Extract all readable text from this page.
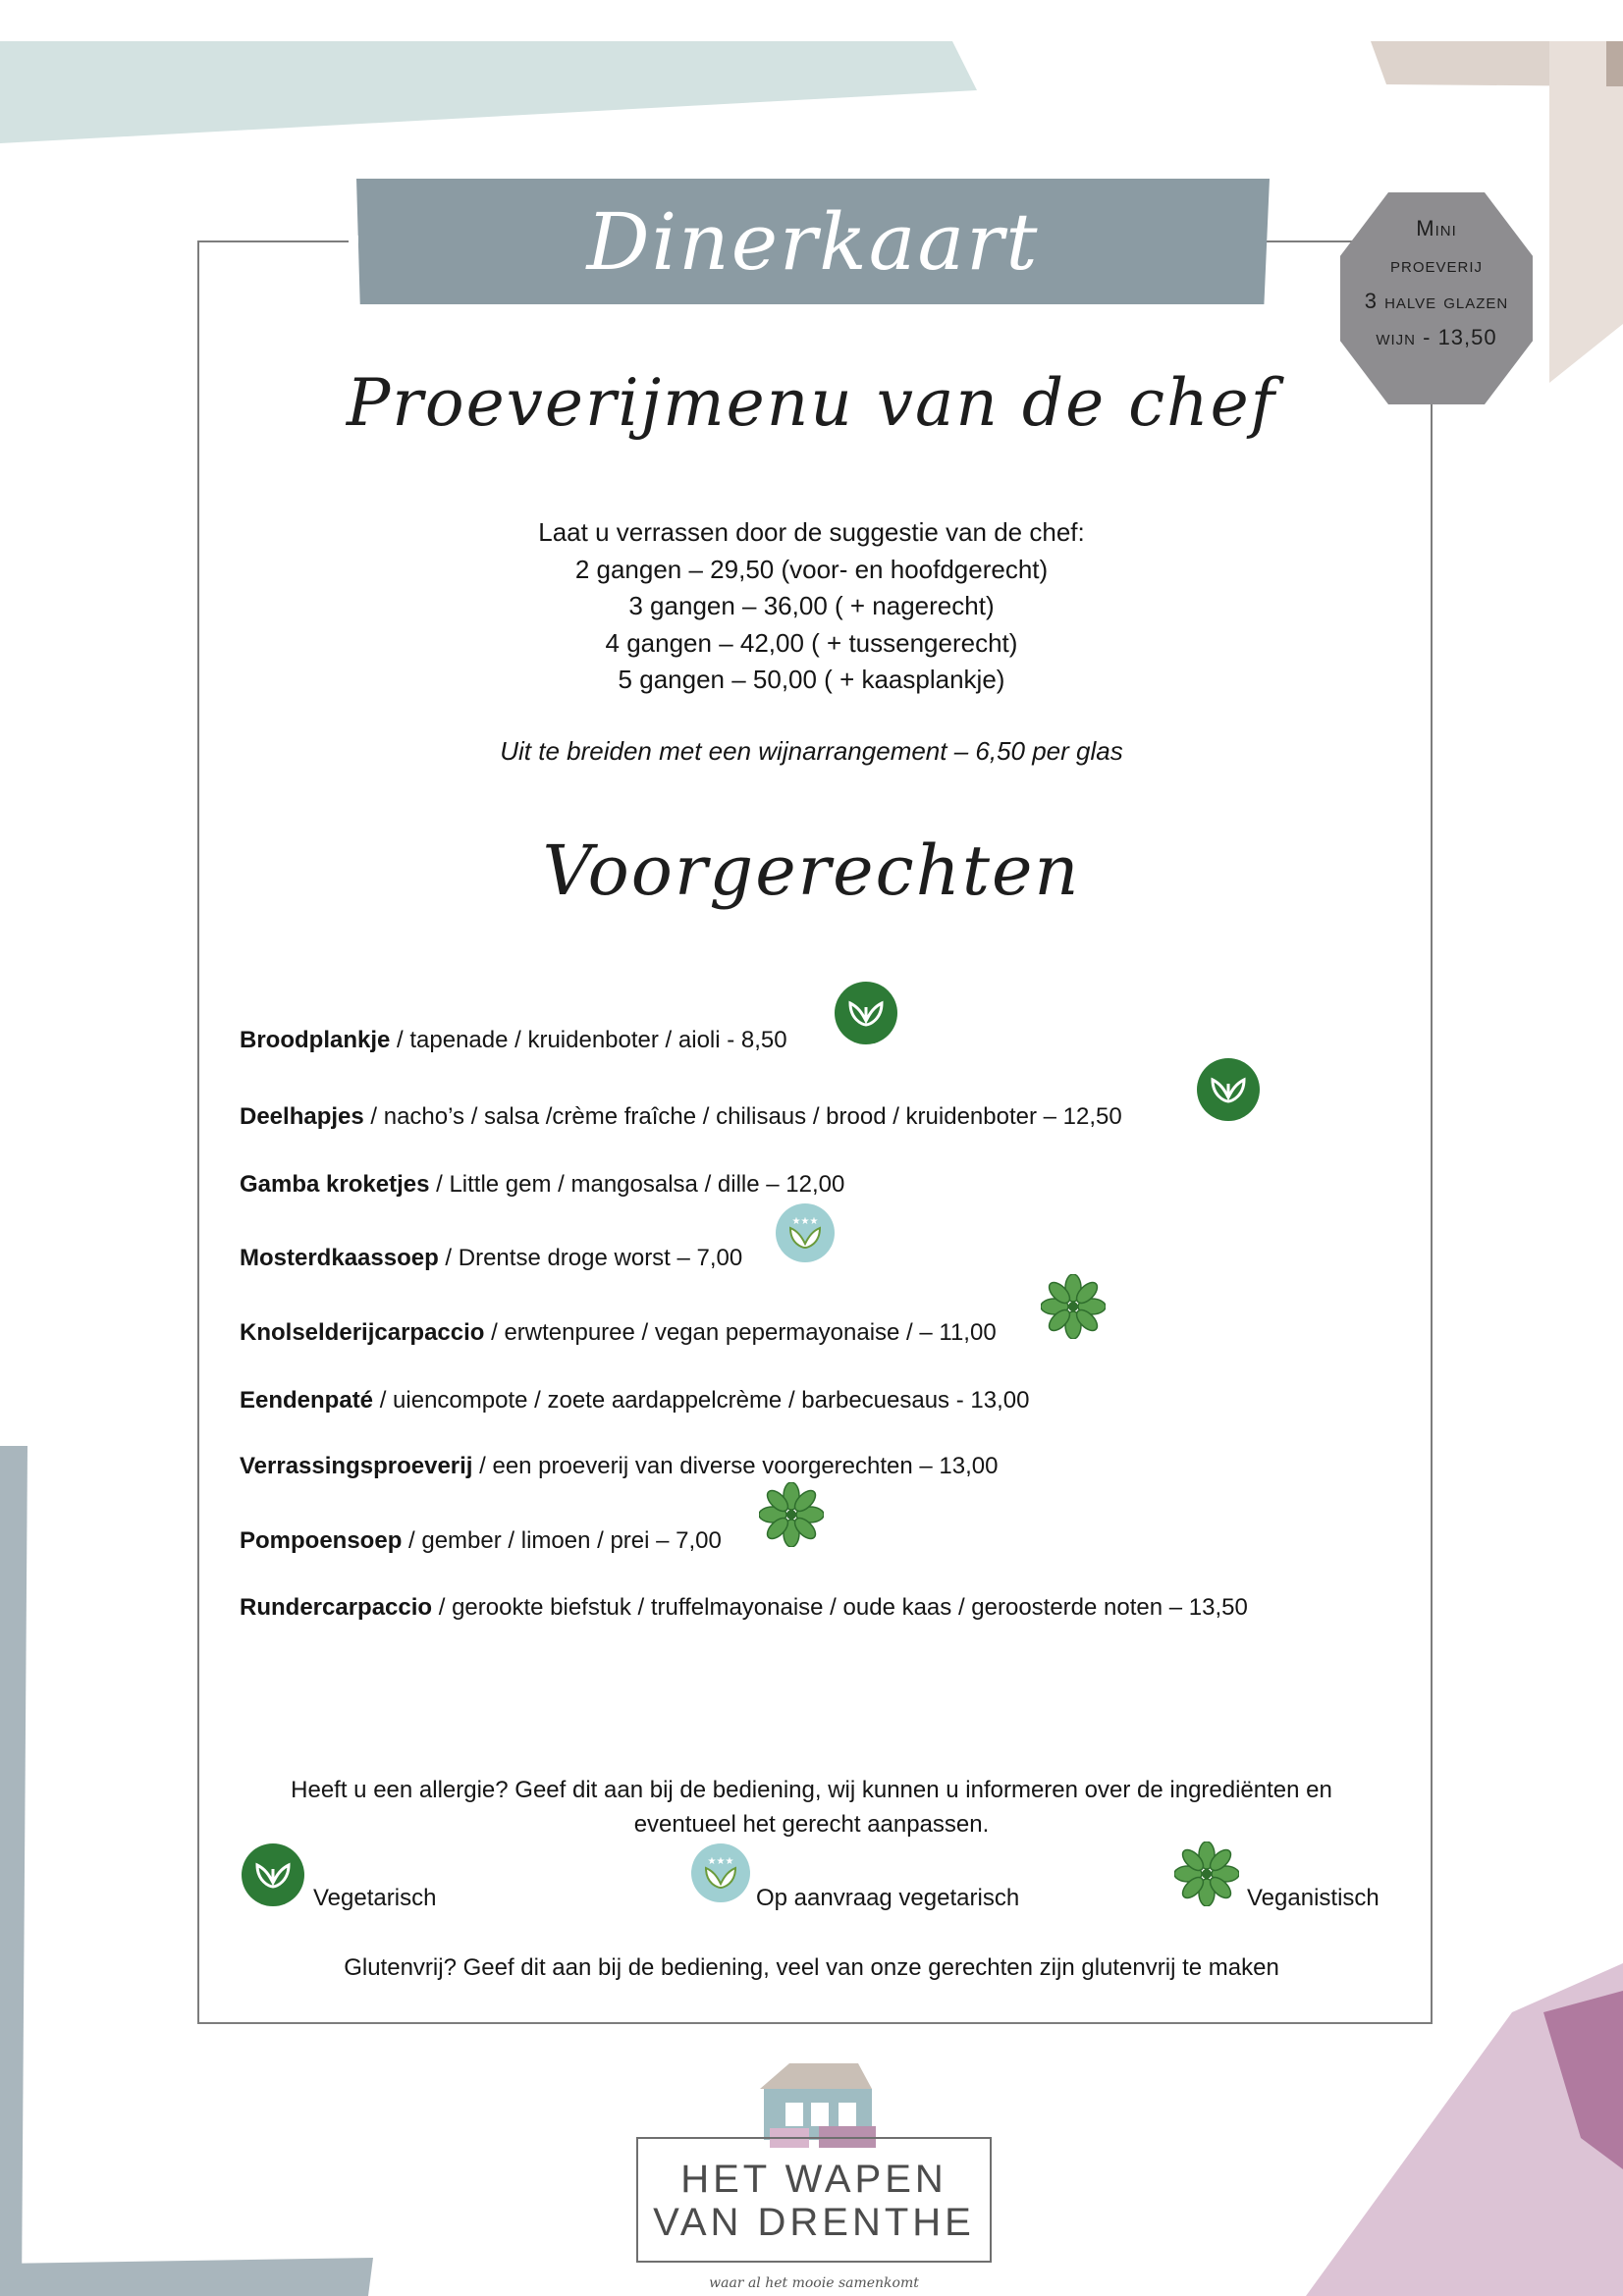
Dinerkaart	Mini
proeverij
3 halve glazen
wijn - 13,50
Proeverijmenu van de chef
Laat u verrassen door de suggestie van de chef:
2 gangen – 29,50 (voor- en hoofdgerecht)
3 gangen – 36,00 ( + nagerecht)
4 gangen – 42,00 ( + tussengerecht)
5 gangen – 50,00 ( + kaasplankje)
Uit te breiden met een wijnarrangement – 6,50 per glas
Voorgerechten
Broodplankje / tapenade / kruidenboter / aioli - 8,50
Deelhapjes / nacho’s / salsa /crème fraîche / chilisaus / brood / kruidenboter – 12,50
Gamba kroketjes / Little gem / mangosalsa / dille – 12,00
Mosterdkaassoep / Drentse droge worst – 7,00
Knolselderijcarpaccio / erwtenpuree / vegan pepermayonaise / – 11,00
Eendenpaté / uiencompote / zoete aardappelcrème / barbecuesaus - 13,00
Verrassingsproeverij / een proeverij van diverse voorgerechten – 13,00
Pompoensoep / gember / limoen / prei – 7,00
Rundercarpaccio / gerookte biefstuk / truffelmayonaise / oude kaas / geroosterde noten – 13,50
★★★
Heeft u een allergie? Geef dit aan bij de bediening, wij kunnen u informeren over de ingrediënten en
eventueel het gerecht aanpassen.
Vegetarisch
★★★
Op aanvraag vegetarisch	Veganistisch
Glutenvrij? Geef dit aan bij de bediening, veel van onze gerechten zijn glutenvrij te maken
HET WAPEN
VAN DRENTHE
waar al het mooie samenkomt
